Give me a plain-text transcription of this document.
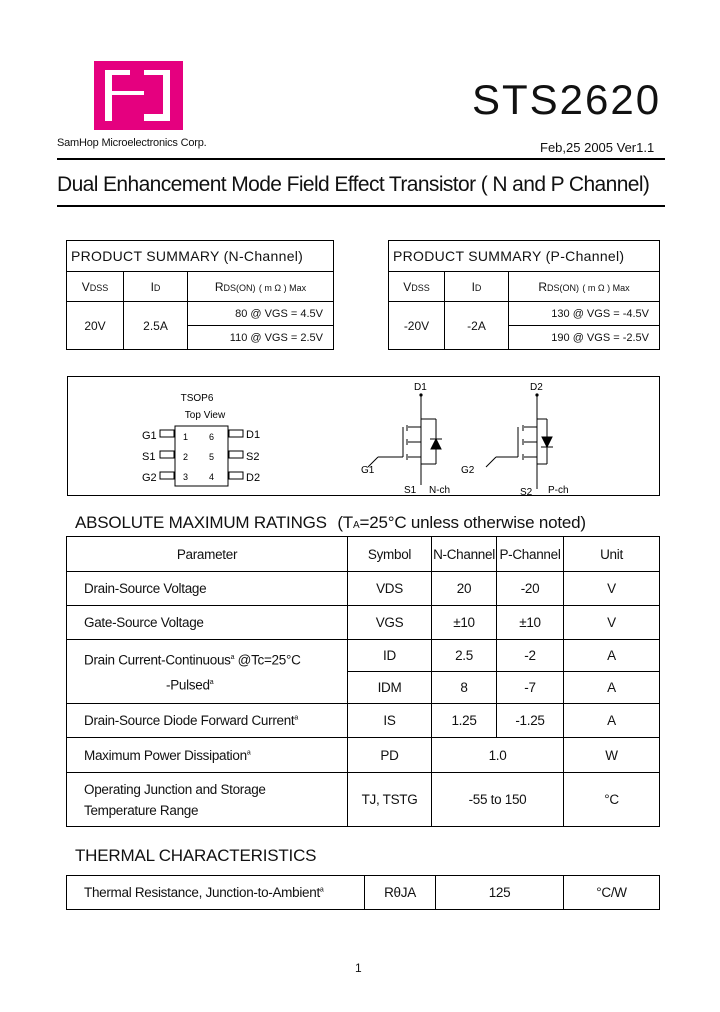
SamHop Microelectronics Corp.
STS2620
Feb,25 2005 Ver1.1
Dual Enhancement Mode Field Effect Transistor ( N and P Channel)
PRODUCT SUMMARY (N-Channel)		
VDSS	ID	RDS(ON) ( m Ω ) Max
20V	2.5A	80 @ VGS = 4.5V
		110 @ VGS = 2.5V
PRODUCT SUMMARY (P-Channel)		
VDSS	ID	RDS(ON) ( m Ω ) Max
-20V	-2A	130 @ VGS = -4.5V
		190 @ VGS = -2.5V
TSOP6
Top View
G1
S1
G2
1
2
3
6
5
4
D1
S2
D2
D1
G1
S1 N-ch
D2
G2
S2 P-ch
ABSOLUTE MAXIMUM RATINGS (TA=25°C unless otherwise noted)
Parameter	Symbol	N-Channel	P-Channel	Unit
Drain-Source Voltage	VDS	20	-20	V
Gate-Source Voltage	VGS	±10	±10	V

Drain Current-Continuous$^a$ @Tc=25°C
-Pulsed$^a$	ID	2.5	-2	A
	IDM	8	-7	A
Drain-Source Diode Forward Current$^a$	IS	1.25	-1.25	A
Maximum Power Dissipation$^a$	PD	1.0		W

Operating Junction and Storage
Temperature Range	TJ, TSTG	-55 to 150		°C
THERMAL CHARACTERISTICS
Thermal Resistance, Junction-to-Ambient$^a$	RθJA	125	°C/W
1
